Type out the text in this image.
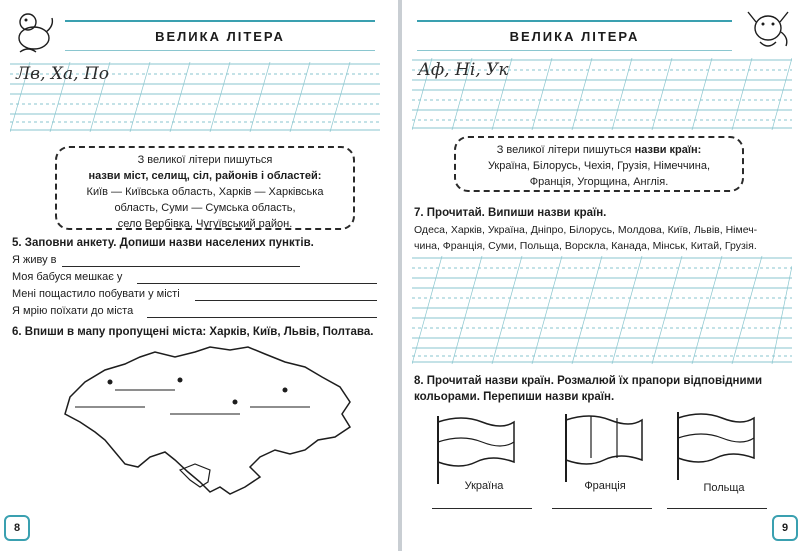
ВЕЛИКА ЛІТЕРА
Лв, Ха, По
З великої літери пишуться
назви міст, селищ, сіл, районів і областей:
Київ — Київська область, Харків — Харківська
область, Суми — Сумська область,
село Вербівка, Чугуївський район.
5. Заповни анкету. Допиши назви населених пунктів.
Я живу в
Моя бабуся мешкає у
Мені пощастило побувати у місті
Я мрію поїхати до міста
6. Впиши в мапу пропущені міста: Харків, Київ, Львів, Полтава.
8
ВЕЛИКА ЛІТЕРА
Аф, Ні, Ук
З великої літери пишуться назви країн:
Україна, Білорусь, Чехія, Грузія, Німеччина,
Франція, Угорщина, Англія.
7. Прочитай. Випиши назви країн.
Одеса, Харків, Україна, Дніпро, Білорусь, Молдова, Київ, Львів, Німеч-
чина, Франція, Суми, Польща, Ворскла, Канада, Мінськ, Китай, Грузія.
8. Прочитай назви країн. Розмалюй їх прапори відповідними
кольорами. Перепиши назви країн.
Україна	Франція	Польща
9
